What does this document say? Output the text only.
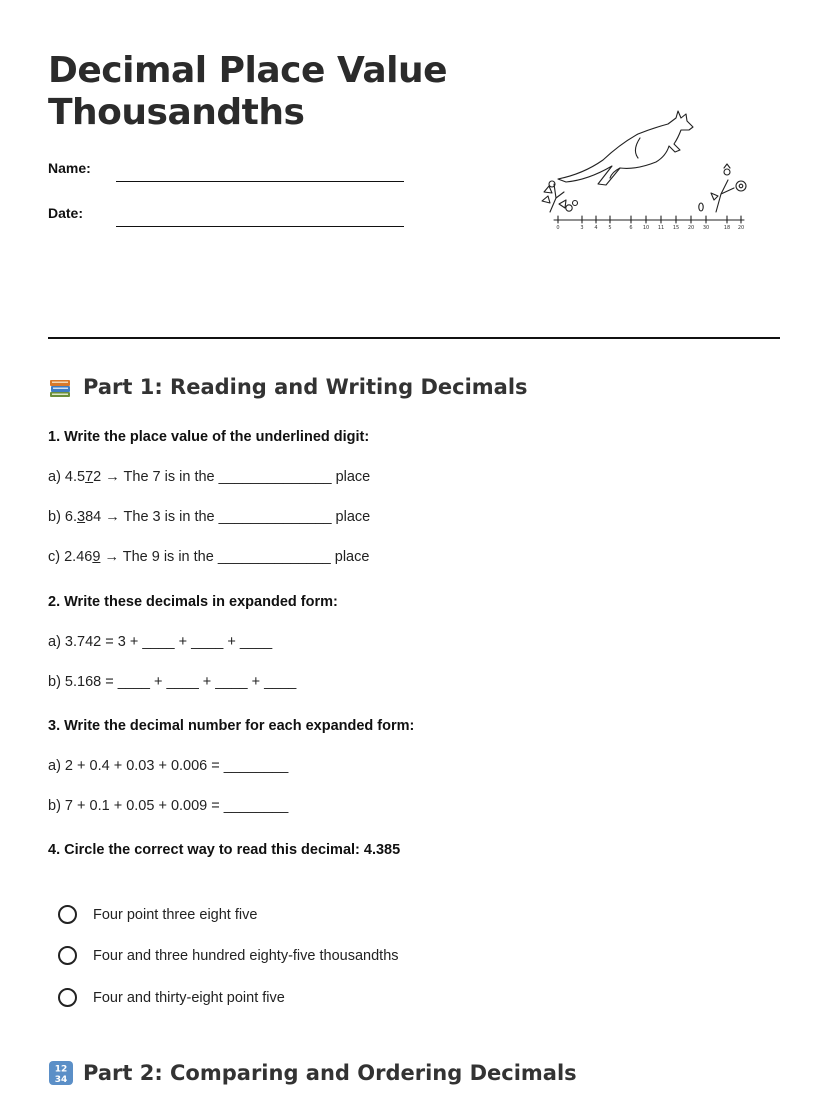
Decimal Place Value
Thousandths
Name:
Date:
0	3 4 5	6 10 11 15 20 30	18 20
Part 1: Reading and Writing Decimals
1. Write the place value of the underlined digit:
a) 4.572 → The 7 is in the ______________ place
b) 6.384 → The 3 is in the ______________ place
c) 2.469 → The 9 is in the ______________ place
2. Write these decimals in expanded form:
a) 3.742 = 3 + ____ + ____ + ____
b) 5.168 = ____ + ____ + ____ + ____
3. Write the decimal number for each expanded form:
a) 2 + 0.4 + 0.03 + 0.006 = ________
b) 7 + 0.1 + 0.05 + 0.009 = ________
4. Circle the correct way to read this decimal: 4.385
Four point three eight five
Four and three hundred eighty-five thousandths
Four and thirty-eight point five
12
34 Part 2: Comparing and Ordering Decimals
